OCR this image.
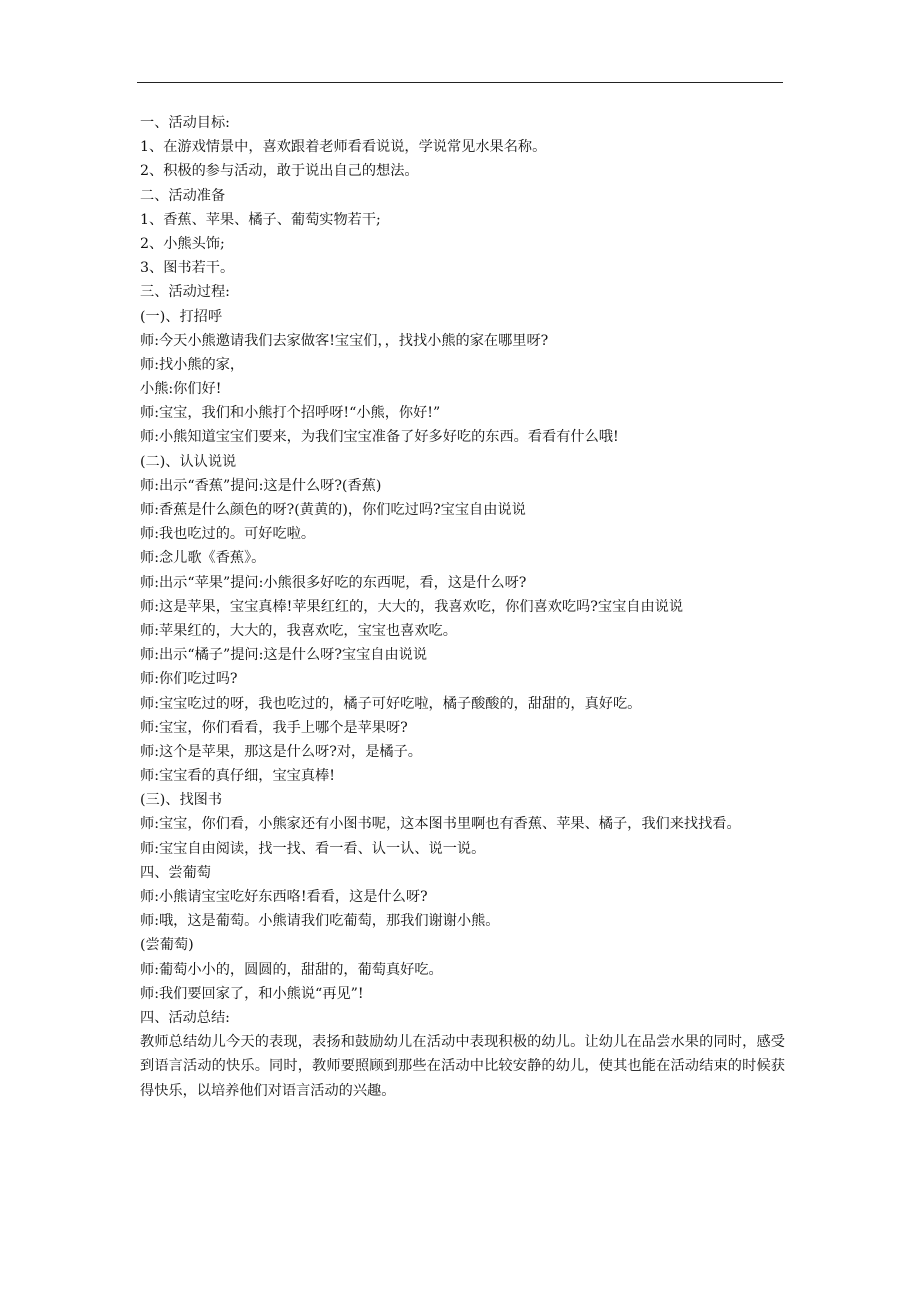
一、活动目标:
1、在游戏情景中，喜欢跟着老师看看说说，学说常见水果名称。
2、积极的参与活动，敢于说出自己的想法。
二、活动准备
1、香蕉、苹果、橘子、葡萄实物若干;
2、小熊头饰;
3、图书若干。
三、活动过程:
(一)、打招呼
师:今天小熊邀请我们去家做客!宝宝们，，找找小熊的家在哪里呀?
师:找小熊的家，
小熊:你们好!
师:宝宝，我们和小熊打个招呼呀!“小熊，你好!”
师:小熊知道宝宝们要来，为我们宝宝准备了好多好吃的东西。看看有什么哦!
(二)、认认说说
师:出示“香蕉”提问:这是什么呀?(香蕉)
师:香蕉是什么颜色的呀?(黄黄的)，你们吃过吗?宝宝自由说说
师:我也吃过的。可好吃啦。
师:念儿歌《香蕉》。
师:出示“苹果”提问:小熊很多好吃的东西呢，看，这是什么呀?
师:这是苹果，宝宝真棒!苹果红红的，大大的，我喜欢吃，你们喜欢吃吗?宝宝自由说说
师:苹果红的，大大的，我喜欢吃，宝宝也喜欢吃。
师:出示“橘子”提问:这是什么呀?宝宝自由说说
师:你们吃过吗?
师:宝宝吃过的呀，我也吃过的，橘子可好吃啦，橘子酸酸的，甜甜的，真好吃。
师:宝宝，你们看看，我手上哪个是苹果呀?
师:这个是苹果，那这是什么呀?对，是橘子。
师:宝宝看的真仔细，宝宝真棒!
(三)、找图书
师:宝宝，你们看，小熊家还有小图书呢，这本图书里啊也有香蕉、苹果、橘子，我们来找找看。
师:宝宝自由阅读，找一找、看一看、认一认、说一说。
四、尝葡萄
师:小熊请宝宝吃好东西咯!看看，这是什么呀?
师:哦，这是葡萄。小熊请我们吃葡萄，那我们谢谢小熊。
(尝葡萄)
师:葡萄小小的，圆圆的，甜甜的，葡萄真好吃。
师:我们要回家了，和小熊说“再见”!
四、活动总结:
教师总结幼儿今天的表现，表扬和鼓励幼儿在活动中表现积极的幼儿。让幼儿在品尝水果的同时，感受到语言活动的快乐。同时，教师要照顾到那些在活动中比较安静的幼儿，使其也能在活动结束的时候获得快乐，以培养他们对语言活动的兴趣。
